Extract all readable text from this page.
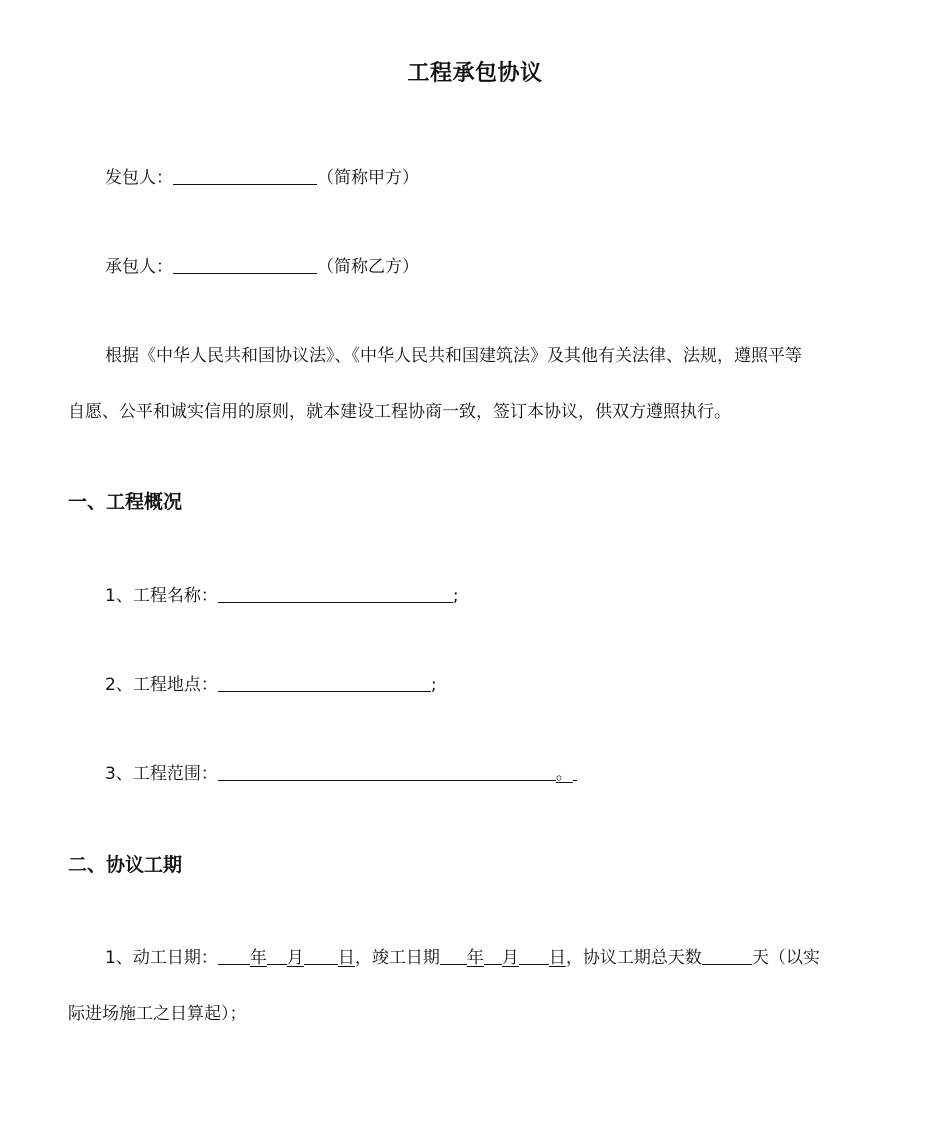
工程承包协议
发包人：	（简称甲方）
承包人：	（简称乙方）
根据《中华人民共和国协议法》、《中华人民共和国建筑法》及其他有关法律、法规，遵照平等
自愿、公平和诚实信用的原则，就本建设工程协商一致，签订本协议，供双方遵照执行。
一、工程概况
1、工程名称：	;
2、工程地点：	;
3、工程范围：	。
二、协议工期
1、动工日期： 年 月 日，竣工日期 年 月 日，协议工期总天数	天（以实
际进场施工之日算起）；
